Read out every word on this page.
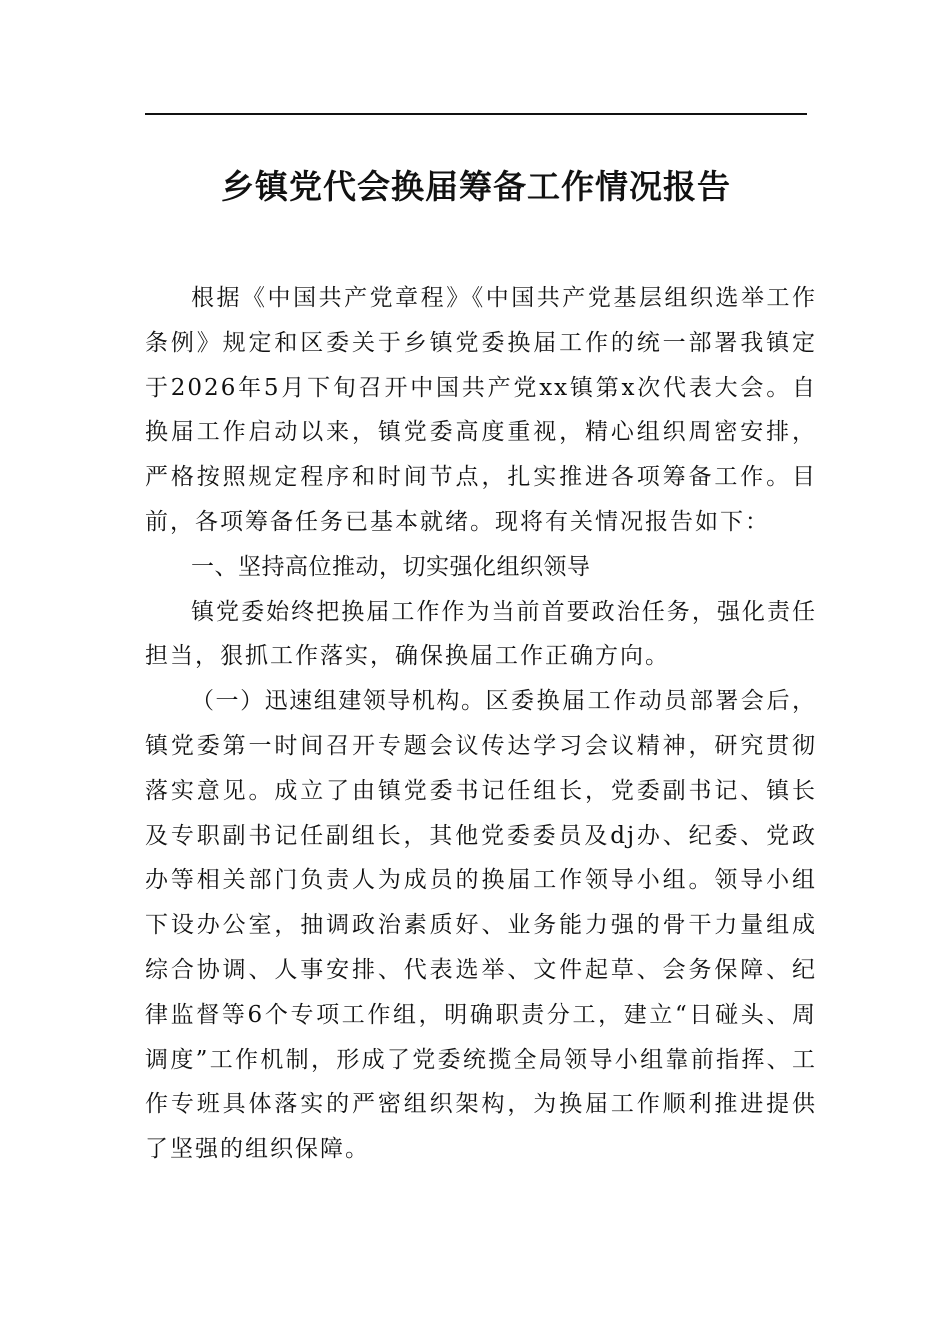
乡镇党代会换届筹备工作情况报告

根据《中国共产党章程》《中国共产党基层组织选举工作条例》规定和区委关于乡镇党委换届工作的统一部署我镇定于2026年5月下旬召开中国共产党xx镇第x次代表大会。自换届工作启动以来，镇党委高度重视，精心组织周密安排，严格按照规定程序和时间节点，扎实推进各项筹备工作。目前，各项筹备任务已基本就绪。现将有关情况报告如下：

一、坚持高位推动，切实强化组织领导

镇党委始终把换届工作作为当前首要政治任务，强化责任担当，狠抓工作落实，确保换届工作正确方向。

（一）迅速组建领导机构。区委换届工作动员部署会后，镇党委第一时间召开专题会议传达学习会议精神，研究贯彻落实意见。成立了由镇党委书记任组长，党委副书记、镇长及专职副书记任副组长，其他党委委员及dj办、纪委、党政办等相关部门负责人为成员的换届工作领导小组。领导小组下设办公室，抽调政治素质好、业务能力强的骨干力量组成综合协调、人事安排、代表选举、文件起草、会务保障、纪律监督等6个专项工作组，明确职责分工，建立“日碰头、周调度”工作机制，形成了党委统揽全局领导小组靠前指挥、工作专班具体落实的严密组织架构，为换届工作顺利推进提供了坚强的组织保障。
